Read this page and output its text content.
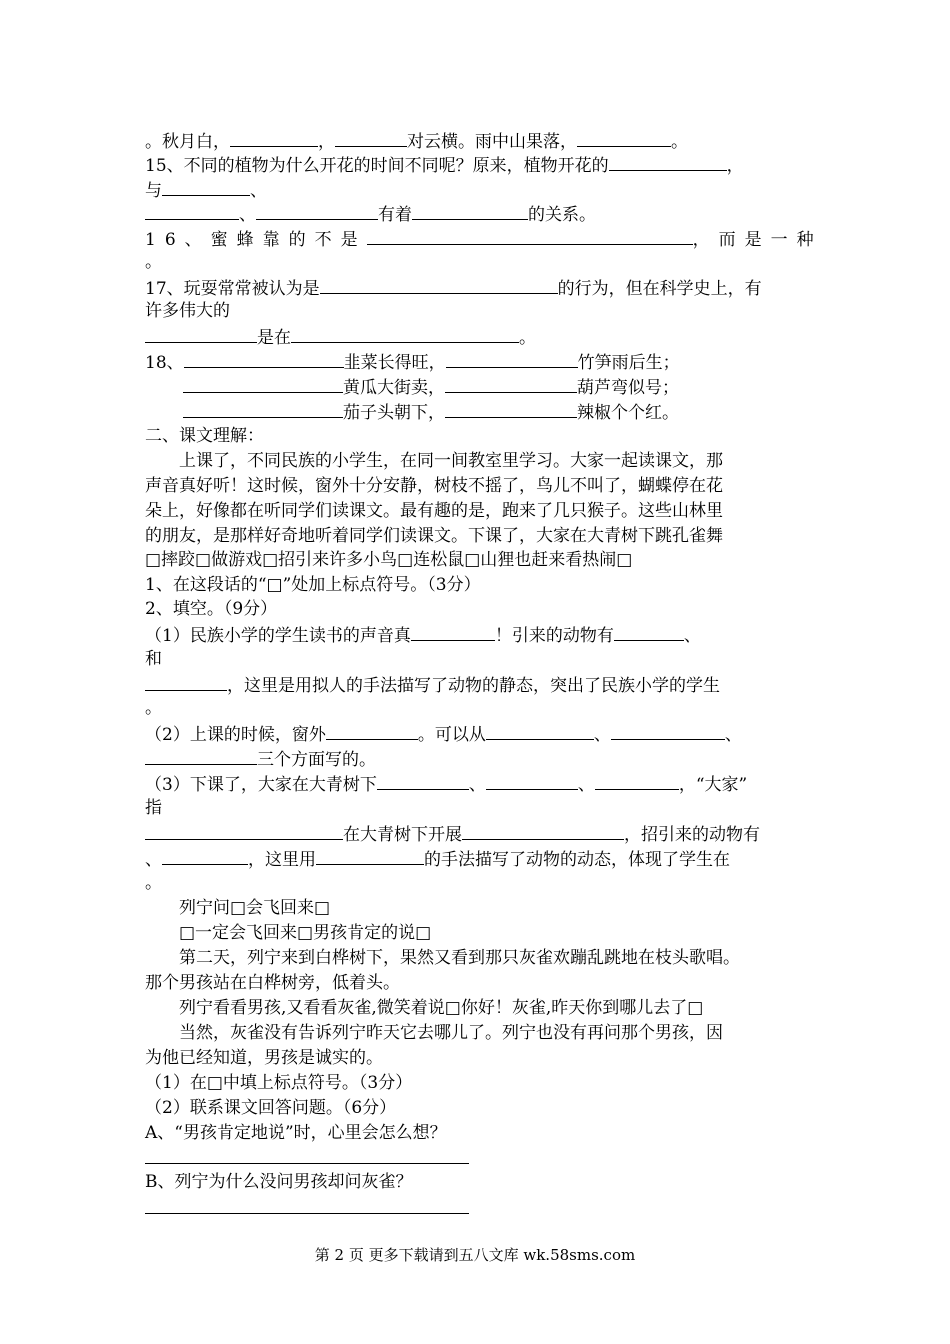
。秋月白，	，	对云横。雨中山果落，	。
15、不同的植物为什么开花的时间不同呢？原来，植物开花的	，
与	、
、	有着	的关系。
16、蜜蜂靠的不是	，而是一种
。
17、玩耍常常被认为是	的行为，但在科学史上，有
许多伟大的
是在	。
18、	韭菜长得旺，	竹笋雨后生；
黄瓜大街卖，	葫芦弯似号；
茄子头朝下，	辣椒个个红。
二、课文理解：
上课了，不同民族的小学生，在同一间教室里学习。大家一起读课文，那
声音真好听！这时候，窗外十分安静，树枝不摇了，鸟儿不叫了，蝴蝶停在花
朵上，好像都在听同学们读课文。最有趣的是，跑来了几只猴子。这些山林里
的朋友，是那样好奇地听着同学们读课文。下课了，大家在大青树下跳孔雀舞
□摔跤□做游戏□招引来许多小鸟□连松鼠□山狸也赶来看热闹□
1、在这段话的“□”处加上标点符号。（3分）
2、填空。（9分）
（1）民族小学的学生读书的声音真	！引来的动物有	、
和
，这里是用拟人的手法描写了动物的静态，突出了民族小学的学生
。
（2）上课的时候，窗外	。可以从	、	、
三个方面写的。
（3）下课了，大家在大青树下	、	、	，“大家”
指
在大青树下开展	，招引来的动物有
、	，这里用	的手法描写了动物的动态，体现了学生在
。
列宁问□会飞回来□
□一定会飞回来□男孩肯定的说□
第二天，列宁来到白桦树下，果然又看到那只灰雀欢蹦乱跳地在枝头歌唱。
那个男孩站在白桦树旁，低着头。
列宁看看男孩,又看看灰雀,微笑着说□你好！灰雀,昨天你到哪儿去了□
当然，灰雀没有告诉列宁昨天它去哪儿了。列宁也没有再问那个男孩，因
为他已经知道，男孩是诚实的。
（1）在□中填上标点符号。（3分）
（2）联系课文回答问题。（6分）
A、“男孩肯定地说”时，心里会怎么想？
B、列宁为什么没问男孩却问灰雀？
第 2 页 更多下载请到五八文库 wk.58sms.com
